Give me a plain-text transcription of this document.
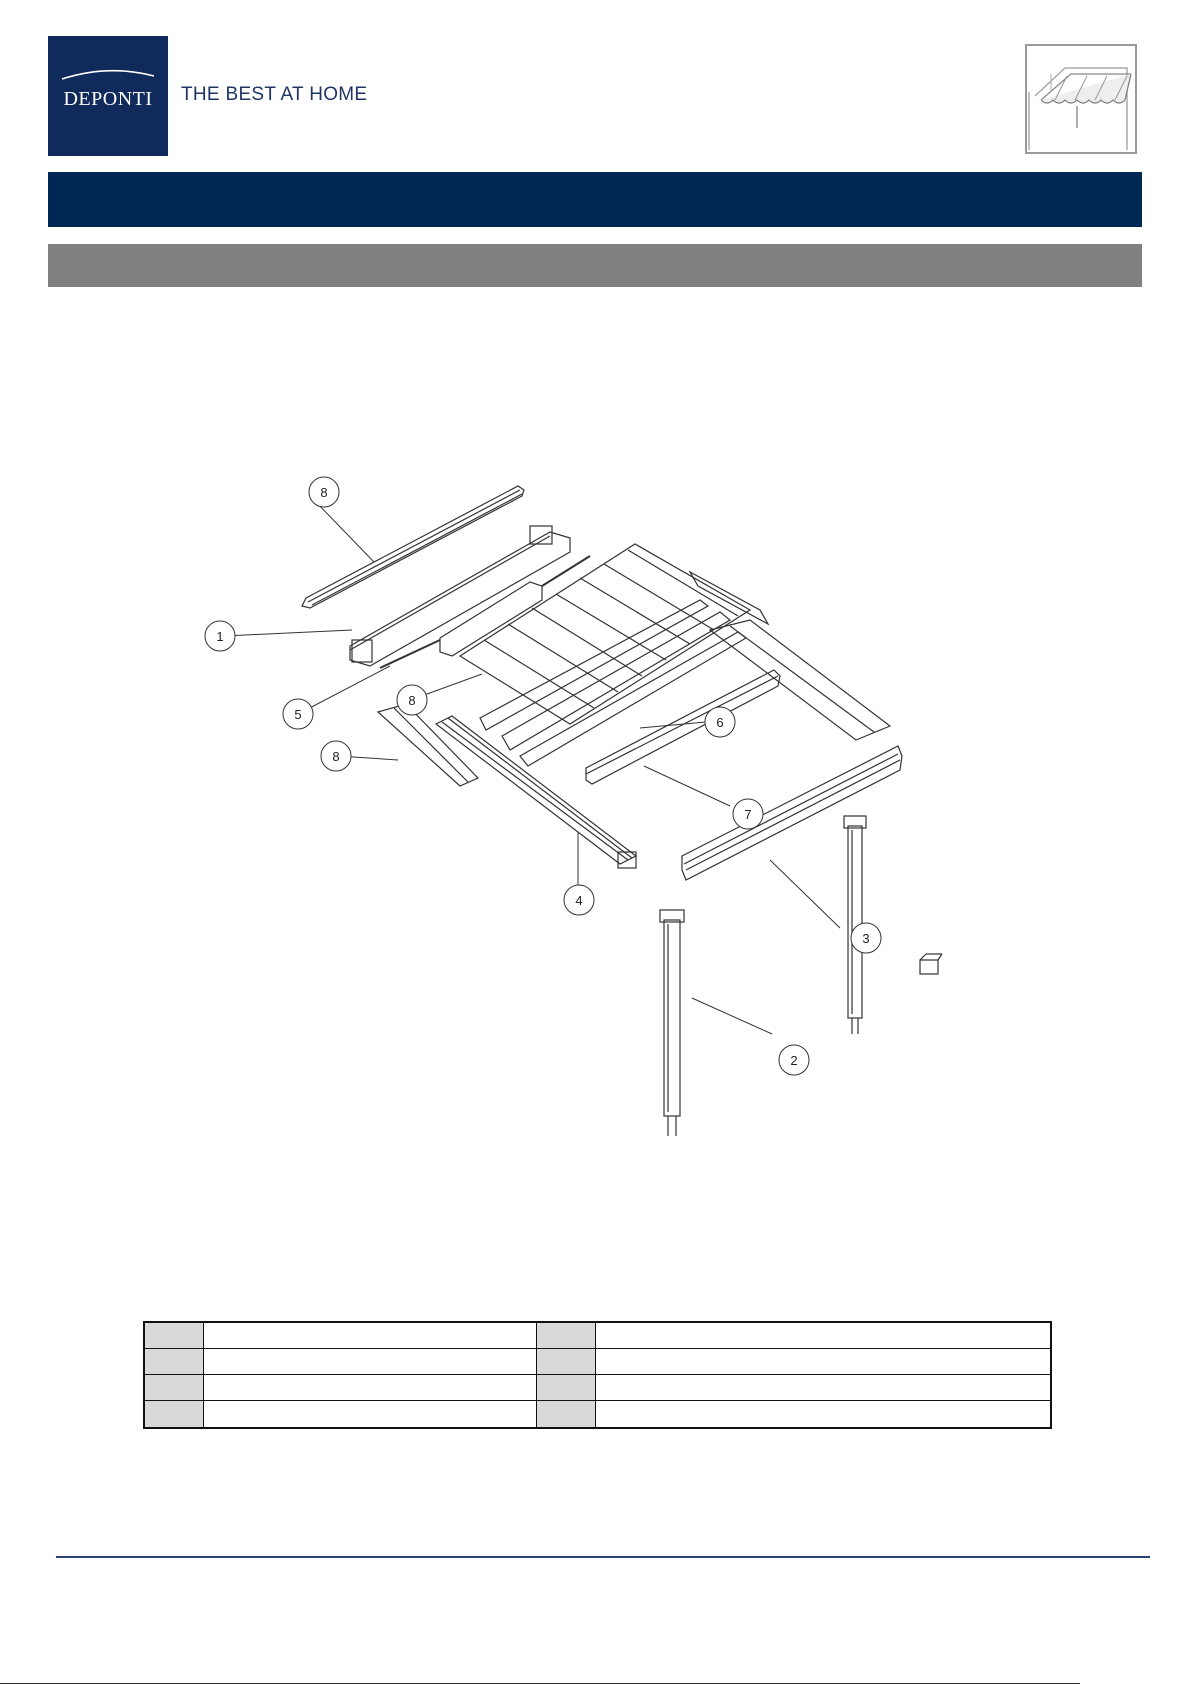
DEPONTI	THE BEST AT HOME
8
1
5
8
8
6
7
4
3
2
